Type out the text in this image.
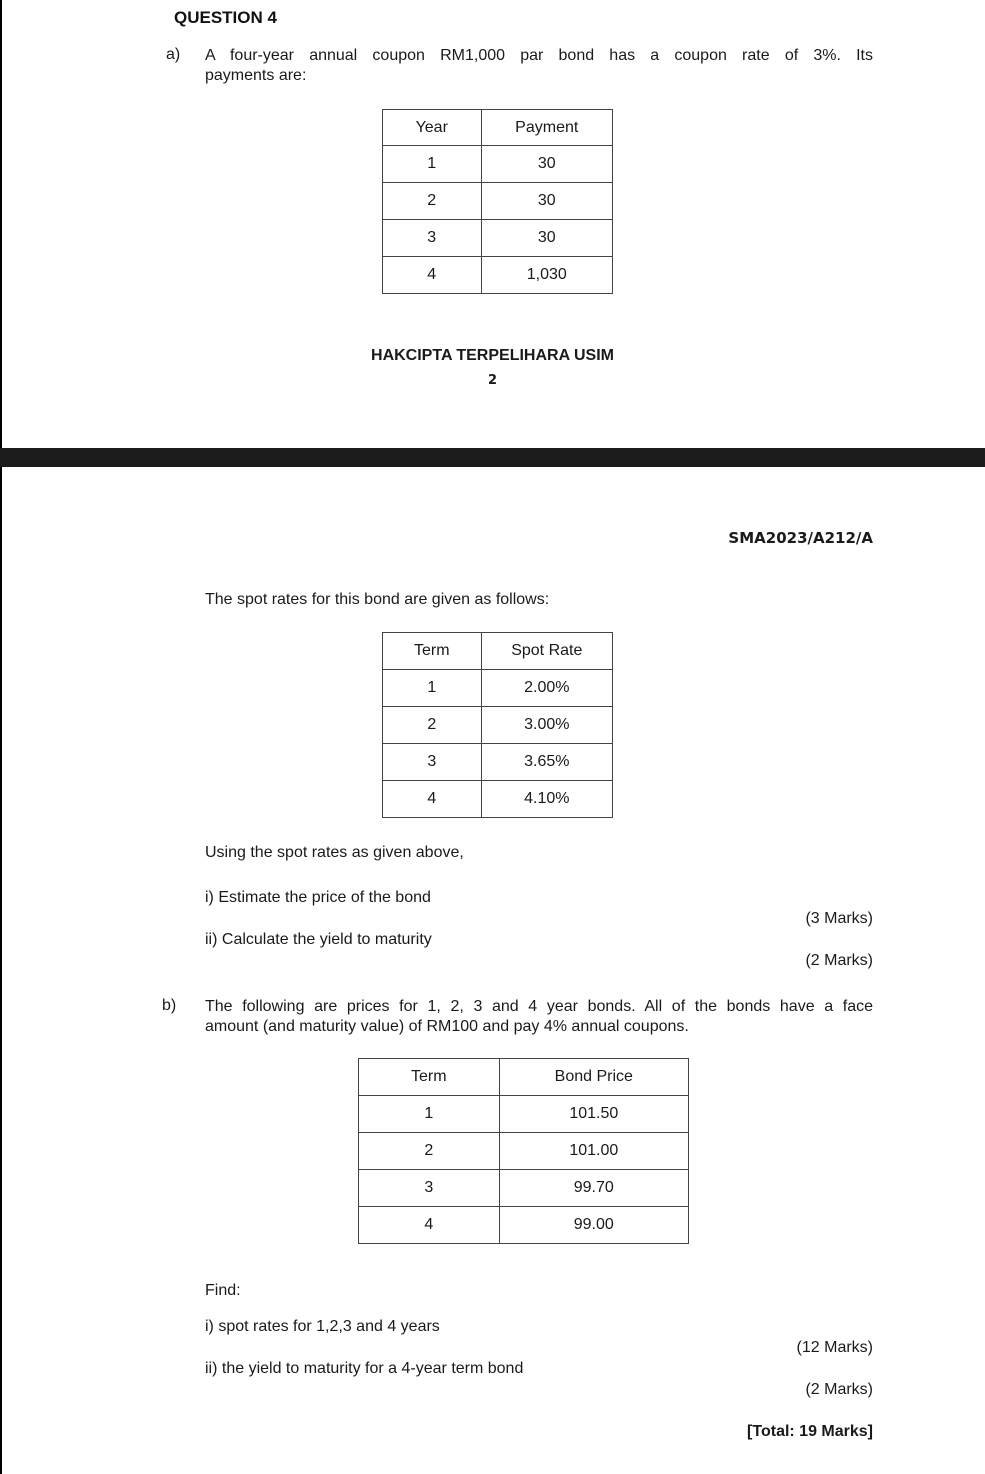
QUESTION 4
a) A four-year annual coupon RM1,000 par bond has a coupon rate of 3%. Its
payments are:
Year	Payment
1	30
2	30
3	30
4	1,030
HAKCIPTA TERPELIHARA USIM
2
SMA2023/A212/A
The spot rates for this bond are given as follows:
Term	Spot Rate
1	2.00%
2	3.00%
3	3.65%
4	4.10%
Using the spot rates as given above,
i) Estimate the price of the bond
(3 Marks)
ii) Calculate the yield to maturity
(2 Marks)
b) The following are prices for 1, 2, 3 and 4 year bonds. All of the bonds have a face
amount (and maturity value) of RM100 and pay 4% annual coupons.
Term	Bond Price
1	101.50
2	101.00
3	99.70
4	99.00
Find:
i) spot rates for 1,2,3 and 4 years
(12 Marks)
ii) the yield to maturity for a 4-year term bond
(2 Marks)
[Total: 19 Marks]
